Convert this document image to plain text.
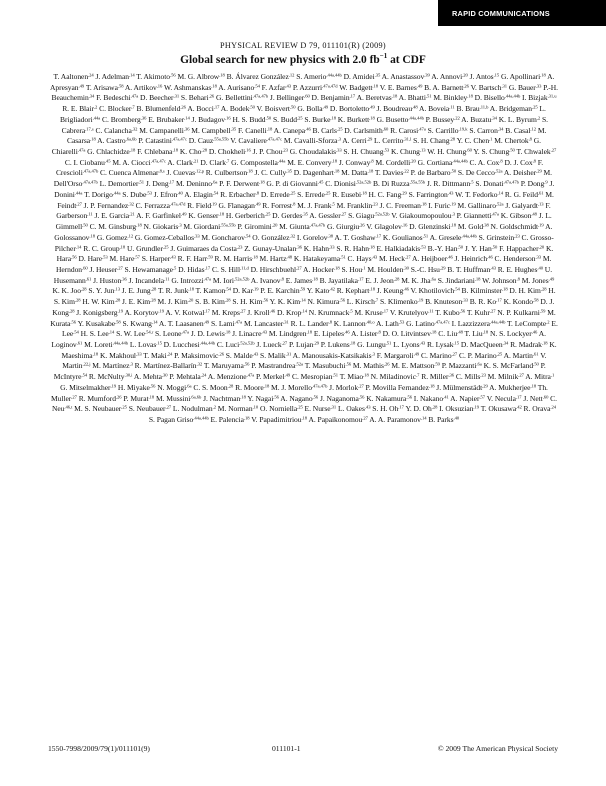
RAPID COMMUNICATIONS
PHYSICAL REVIEW D 79, 011101(R) (2009)
Global search for new physics with 2.0 $fb^{-1}$ at CDF
T. Aaltonen$^{,24}$ J. Adelman$^{,14}$ T. Akimoto$^{,56}$ M. G. Albrow$^{,18}$ B. Álvarez González$^{,12}$ S. Amerio$^{,44a,44b}$ D. Amidei$^{,35}$ A. Anastassov$^{,39}$ A. Annovi$^{,20}$ J. Antos$^{,15}$ G. Apollinari$^{,18}$ A. Apresyan$^{,49}$ T. Arisawa$^{,58}$ A. Artikov$^{,16}$ W. Ashmanskas$^{,18}$ A. Aurisano$^{,54}$ F. Azfar$^{,43}$ P. Azzurri$^{,47a,47d}$ W. Badgett$^{,18}$ V. E. Barnes$^{,49}$ B. A. Barnett$^{,26}$ V. Bartsch$^{,31}$ G. Bauer$^{,33}$ P.-H. Beauchemin$^{,34}$ F. Bedeschi$^{,47a}$ D. Beecher$^{,31}$ S. Behari$^{,26}$ G. Bellettini$^{,47a,47b}$ J. Bellinger$^{,60}$ D. Benjamin$^{,17}$ A. Beretvas$^{,18}$ A. Bhatti$^{,51}$ M. Binkley$^{,18}$ D. Bisello$^{,44a,44b}$ I. Bizjak$^{,31,u}$ R. E. Blair$^{,2}$ C. Blocker$^{,7}$ B. Blumenfeld$^{,26}$ A. Bocci$^{,17}$ A. Bodek$^{,50}$ V. Boisvert$^{,50}$ G. Bolla$^{,49}$ D. Bortoletto$^{,49}$ J. Boudreau$^{,48}$ A. Boveia$^{,11}$ B. Brau$^{,11,b}$ A. Bridgeman$^{,25}$ L. Brigliadori$^{,44a}$ C. Bromberg$^{,36}$ E. Brubaker$^{,14}$ J. Budagov$^{,16}$ H. S. Budd$^{,50}$ S. Budd$^{,25}$ S. Burke$^{,18}$ K. Burkett$^{,18}$ G. Busetto$^{,44a,44b}$ P. Bussey$^{,22}$ A. Buzatu$^{,34}$ K. L. Byrum$^{,2}$ S. Cabrera$^{,17,s}$ C. Calancha$^{,32}$ M. Campanelli$^{,36}$ M. Campbell$^{,35}$ F. Canelli$^{,18}$ A. Canepa$^{,46}$ B. Carls$^{,25}$ D. Carlsmith$^{,60}$ R. Carosi$^{,47a}$ S. Carrillo$^{,19,k}$ S. Carron$^{,34}$ B. Casal$^{,12}$ M. Casarsa$^{,18}$ A. Castro$^{,6a,6b}$ P. Catastini$^{,47a,47c}$ D. Cauz$^{,55a,55b}$ V. Cavaliere$^{,47a,47c}$ M. Cavalli-Sforza$^{,3}$ A. Cerri$^{,29}$ L. Cerrito$^{,31,l}$ S. H. Chang$^{,28}$ Y. C. Chen$^{,1}$ M. Chertok$^{,8}$ G. Chiarelli$^{,47a}$ G. Chlachidze$^{,18}$ F. Chlebana$^{,18}$ K. Cho$^{,28}$ D. Chokheli$^{,16}$ J. P. Chou$^{,23}$ G. Choudalakis$^{,33}$ S. H. Chuang$^{,53}$ K. Chung$^{,13}$ W. H. Chung$^{,60}$ Y. S. Chung$^{,50}$ T. Chwalek$^{,27}$ C. I. Ciobanu$^{,45}$ M. A. Ciocci$^{,47a,47c}$ A. Clark$^{,21}$ D. Clark$^{,7}$ G. Compostella$^{,44a}$ M. E. Convery$^{,18}$ J. Conway$^{,8}$ M. Cordelli$^{,20}$ G. Cortiana$^{,44a,44b}$ C. A. Cox$^{,8}$ D. J. Cox$^{,8}$ F. Crescioli$^{,47a,47b}$ C. Cuenca Almenar$^{,8,s}$ J. Cuevas$^{,12,p}$ R. Culbertson$^{,18}$ J. C. Cully$^{,35}$ D. Dagenhart$^{,18}$ M. Datta$^{,18}$ T. Davies$^{,22}$ P. de Barbaro$^{,50}$ S. De Cecco$^{,52a}$ A. Deisher$^{,29}$ M. Dell'Orso$^{,47a,47b}$ L. Demortier$^{,51}$ J. Deng$^{,17}$ M. Deninno$^{,6a}$ P. F. Derwent$^{,18}$ G. P. di Giovanni$^{,45}$ C. Dionisi$^{,52a,52b}$ B. Di Ruzza$^{,55a,55b}$ J. R. Dittmann$^{,5}$ S. Donati$^{,47a,47b}$ P. Dong$^{,9}$ J. Donini$^{,44a}$ T. Dorigo$^{,44a}$ S. Dube$^{,53}$ J. Efron$^{,40}$ A. Elagin$^{,54}$ R. Erbacher$^{,8}$ D. Errede$^{,25}$ S. Errede$^{,25}$ R. Eusebi$^{,18}$ H. C. Fang$^{,29}$ S. Farrington$^{,43}$ W. T. Fedorko$^{,14}$ R. G. Feild$^{,61}$ M. Feindt$^{,27}$ J. P. Fernandez$^{,32}$ C. Ferrazza$^{,47a,47d}$ R. Field$^{,19}$ G. Flanagan$^{,49}$ R. Forrest$^{,8}$ M. J. Frank$^{,5}$ M. Franklin$^{,23}$ J. C. Freeman$^{,18}$ I. Furic$^{,19}$ M. Gallinaro$^{,52a}$ J. Galyardt$^{,13}$ F. Garberson$^{,11}$ J. E. Garcia$^{,21}$ A. F. Garfinkel$^{,49}$ K. Genser$^{,18}$ H. Gerberich$^{,25}$ D. Gerdes$^{,35}$ A. Gessler$^{,27}$ S. Giagu$^{,52a,52b}$ V. Giakoumopoulou$^{,3}$ P. Giannetti$^{,47a}$ K. Gibson$^{,48}$ J. L. Gimmell$^{,50}$ C. M. Ginsburg$^{,18}$ N. Giokaris$^{,3}$ M. Giordani$^{,55a,55b}$ P. Giromini$^{,20}$ M. Giunta$^{,47a,47b}$ G. Giurgiu$^{,26}$ V. Glagolev$^{,16}$ D. Glenzinski$^{,18}$ M. Gold$^{,38}$ N. Goldschmidt$^{,19}$ A. Golossanov$^{,18}$ G. Gomez$^{,12}$ G. Gomez-Ceballos$^{,33}$ M. Goncharov$^{,54}$ O. González$^{,32}$ I. Gorelov$^{,38}$ A. T. Goshaw$^{,17}$ K. Goulianos$^{,51}$ A. Gresele$^{,44a,44b}$ S. Grinstein$^{,23}$ C. Grosso-Pilcher$^{,14}$ R. C. Group$^{,18}$ U. Grundler$^{,25}$ J. Guimaraes da Costa$^{,23}$ Z. Gunay-Unalan$^{,36}$ K. Hahn$^{,33}$ S. R. Hahn$^{,18}$ E. Halkiadakis$^{,53}$ B.-Y. Han$^{,50}$ J. Y. Han$^{,50}$ F. Happacher$^{,20}$ K. Hara$^{,56}$ D. Hare$^{,53}$ M. Hare$^{,57}$ S. Harper$^{,43}$ R. F. Harr$^{,59}$ R. M. Harris$^{,18}$ M. Hartz$^{,48}$ K. Hatakeyama$^{,51}$ C. Hays$^{,43}$ M. Heck$^{,27}$ A. Heijboer$^{,46}$ J. Heinrich$^{,46}$ C. Henderson$^{,33}$ M. Herndon$^{,60}$ J. Heuser$^{,27}$ S. Hewamanage$^{,5}$ D. Hidas$^{,17}$ C. S. Hill$^{,11,d}$ D. Hirschbuehl$^{,27}$ A. Hocker$^{,18}$ S. Hou$^{,1}$ M. Houlden$^{,30}$ S.-C. Hsu$^{,29}$ B. T. Huffman$^{,43}$ R. E. Hughes$^{,40}$ U. Husemann$^{,61}$ J. Huston$^{,36}$ J. Incandela$^{,11}$ G. Introzzi$^{,47a}$ M. Iori$^{,52a,52b}$ A. Ivanov$^{,8}$ E. James$^{,18}$ B. Jayatilaka$^{,17}$ E. J. Jeon$^{,28}$ M. K. Jha$^{,6a}$ S. Jindariani$^{,18}$ W. Johnson$^{,8}$ M. Jones$^{,49}$ K. K. Joo$^{,28}$ S. Y. Jun$^{,13}$ J. E. Jung$^{,28}$ T. R. Junk$^{,18}$ T. Kamon$^{,54}$ D. Kar$^{,19}$ P. E. Karchin$^{,59}$ Y. Kato$^{,42}$ R. Kephart$^{,18}$ J. Keung$^{,46}$ V. Khotilovich$^{,54}$ B. Kilminster$^{,18}$ D. H. Kim$^{,28}$ H. S. Kim$^{,28}$ H. W. Kim$^{,28}$ J. E. Kim$^{,28}$ M. J. Kim$^{,20}$ S. B. Kim$^{,28}$ S. H. Kim$^{,56}$ Y. K. Kim$^{,14}$ N. Kimura$^{,56}$ L. Kirsch$^{,7}$ S. Klimenko$^{,19}$ B. Knuteson$^{,33}$ B. R. $Ko^{,17}$ K. Kondo$^{,58}$ D. J. Kong$^{,28}$ J. Konigsberg$^{,19}$ A. Korytov$^{,19}$ A. V. Kotwal$^{,17}$ M. Kreps$^{,27}$ J. Kroll$^{,46}$ D. Krop$^{,14}$ N. Krumnack$^{,5}$ M. Kruse$^{,17}$ V. Krutelyov$^{,11}$ T. Kubo$^{,56}$ T. Kuhr$^{,27}$ N. P. Kulkarni$^{,59}$ M. Kurata$^{,56}$ Y. Kusakabe$^{,58}$ S. Kwang$^{,14}$ A. T. Laasanen$^{,49}$ S. Lami$^{,47a}$ M. Lancaster$^{,31}$ R. L. Lander$^{,8}$ K. Lannon$^{,40,o}$ A. Lath$^{,53}$ G. Latino$^{,47a,47c}$ I. Lazzizzera$^{,44a,44b}$ T. LeCompte$^{,2}$ E. Lee$^{,54}$ H. S. Lee$^{,14}$ S. W. Lee$^{,54,r}$ S. Leone$^{,47a}$ J. D. Lewis$^{,18}$ J. Linacre$^{,43}$ M. Lindgren$^{,18}$ E. Lipeles$^{,46}$ A. Lister$^{,8}$ D. O. Litvintsev$^{,18}$ C. Liu$^{,48}$ T. Liu$^{,18}$ N. S. Lockyer$^{,46}$ A. Loginov$^{,61}$ M. Loreti$^{,44a,44b}$ L. Lovas$^{,15}$ D. Lucchesi$^{,44a,44b}$ C. Luci$^{,52a,52b}$ J. Lueck$^{,27}$ P. Lujan$^{,29}$ P. Lukens$^{,18}$ G. Lungu$^{,51}$ L. Lyons$^{,43}$ R. Lysak$^{,15}$ D. MacQueen$^{,34}$ R. Madrak$^{,18}$ K. Maeshima$^{,18}$ K. Makhoul$^{,33}$ T. Maki$^{,24}$ P. Maksimovic$^{,26}$ S. Malde$^{,43}$ S. Malik$^{,31}$ A. Manousakis-Katsikakis$^{,3}$ F. Margaroli$^{,49}$ C. Marino$^{,27}$ C. P. Marino$^{,25}$ A. Martin$^{,61}$ V. Martin$^{,22,j}$ M. Martínez$^{,3}$ R. Martínez-Ballarín$^{,32}$ T. Maruyama$^{,56}$ P. Mastrandrea$^{,52a}$ T. Masubuchi$^{,56}$ M. Mathis$^{,26}$ M. E. Mattson$^{,59}$ P. Mazzanti$^{,6a}$ K. S. McFarland$^{,50}$ P. McIntyre$^{,54}$ R. McNulty$^{,30,i}$ A. Mehta$^{,30}$ P. Mehtala$^{,24}$ A. Menzione$^{,47a}$ P. Merkel$^{,49}$ C. Mesropian$^{,51}$ T. Miao$^{,18}$ N. Miladinovic$^{,7}$ R. Miller$^{,36}$ C. Mills$^{,23}$ M. Milnik$^{,27}$ A. Mitra$^{,1}$ G. Mitselmakher$^{,19}$ H. Miyake$^{,56}$ N. Moggi$^{,6a}$ C. S. Moon$^{,28}$ R. Moore$^{,18}$ M. J. Morello$^{,47a,47b}$ J. Morlok$^{,27}$ P. Movilla Fernandez$^{,18}$ J. Mülmenstädt$^{,29}$ A. Mukherjee$^{,18}$ Th. Muller$^{,27}$ R. Mumford$^{,26}$ P. Murat$^{,18}$ M. Mussini$^{,6a,6b}$ J. Nachtman$^{,18}$ Y. Nagai$^{,56}$ A. Nagano$^{,56}$ J. Naganoma$^{,56}$ K. Nakamura$^{,56}$ I. Nakano$^{,41}$ A. Napier$^{,57}$ V. Necula$^{,17}$ J. Nett$^{,60}$ C. Neu$^{,46,t}$ M. S. Neubauer$^{,25}$ S. Neubauer$^{,27}$ L. Nodulman$^{,2}$ M. Norman$^{,10}$ O. Norniella$^{,25}$ E. Nurse$^{,31}$ L. Oakes$^{,43}$ S. H. $Oh^{,17}$ Y. D. $Oh^{,28}$ I. Oksuzian$^{,19}$ T. Okusawa$^{,42}$ R. Orava$^{,24}$ S. Pagan Griso$^{,44a,44b}$ E. Palencia$^{,18}$ V. Papadimitriou$^{,18}$ A. Papaikonomou$^{,27}$ A. A. Paramonov$^{,14}$ B. Parks$^{,40}$
1550-7998/2009/79(1)/011101(9)	011101-1	© 2009 The American Physical Society
